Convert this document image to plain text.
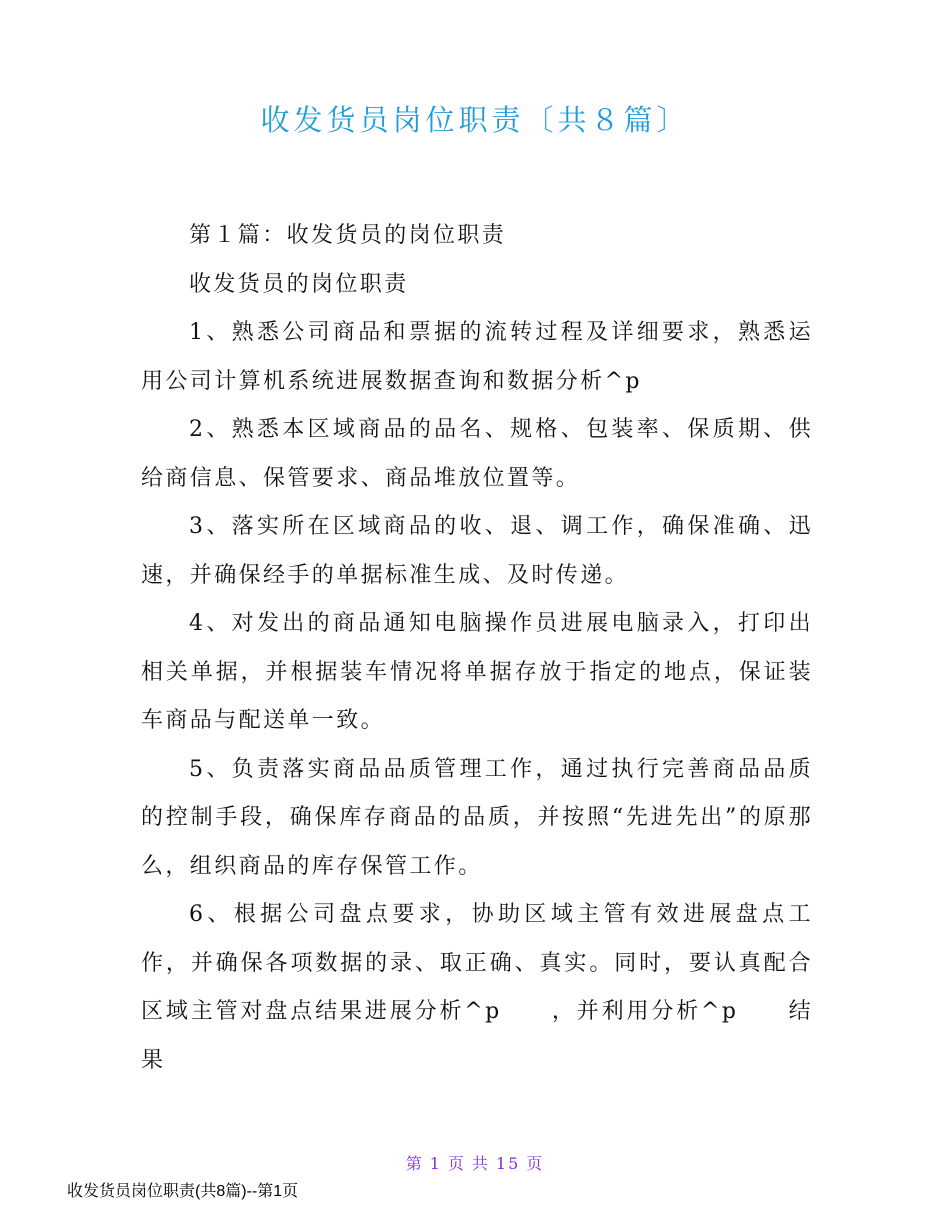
收发货员岗位职责〔共８篇〕

第１篇：收发货员的岗位职责

收发货员的岗位职责

1、熟悉公司商品和票据的流转过程及详细要求，熟悉运用公司计算机系统进展数据查询和数据分析^p

2、熟悉本区域商品的品名、规格、包装率、保质期、供给商信息、保管要求、商品堆放位置等。

3、落实所在区域商品的收、退、调工作，确保准确、迅速，并确保经手的单据标准生成、及时传递。

4、对发出的商品通知电脑操作员进展电脑录入，打印出相关单据，并根据装车情况将单据存放于指定的地点，保证装车商品与配送单一致。

5、负责落实商品品质管理工作，通过执行完善商品品质的控制手段，确保库存商品的品质，并按照“先进先出”的原那么，组织商品的库存保管工作。

6、根据公司盘点要求，协助区域主管有效进展盘点工作，并确保各项数据的录、取正确、真实。同时，要认真配合区域主管对盘点结果进展分析^p　　，并利用分析^p　　结果

第 1 页 共 15 页
收发货员岗位职责(共8篇)--第1页
